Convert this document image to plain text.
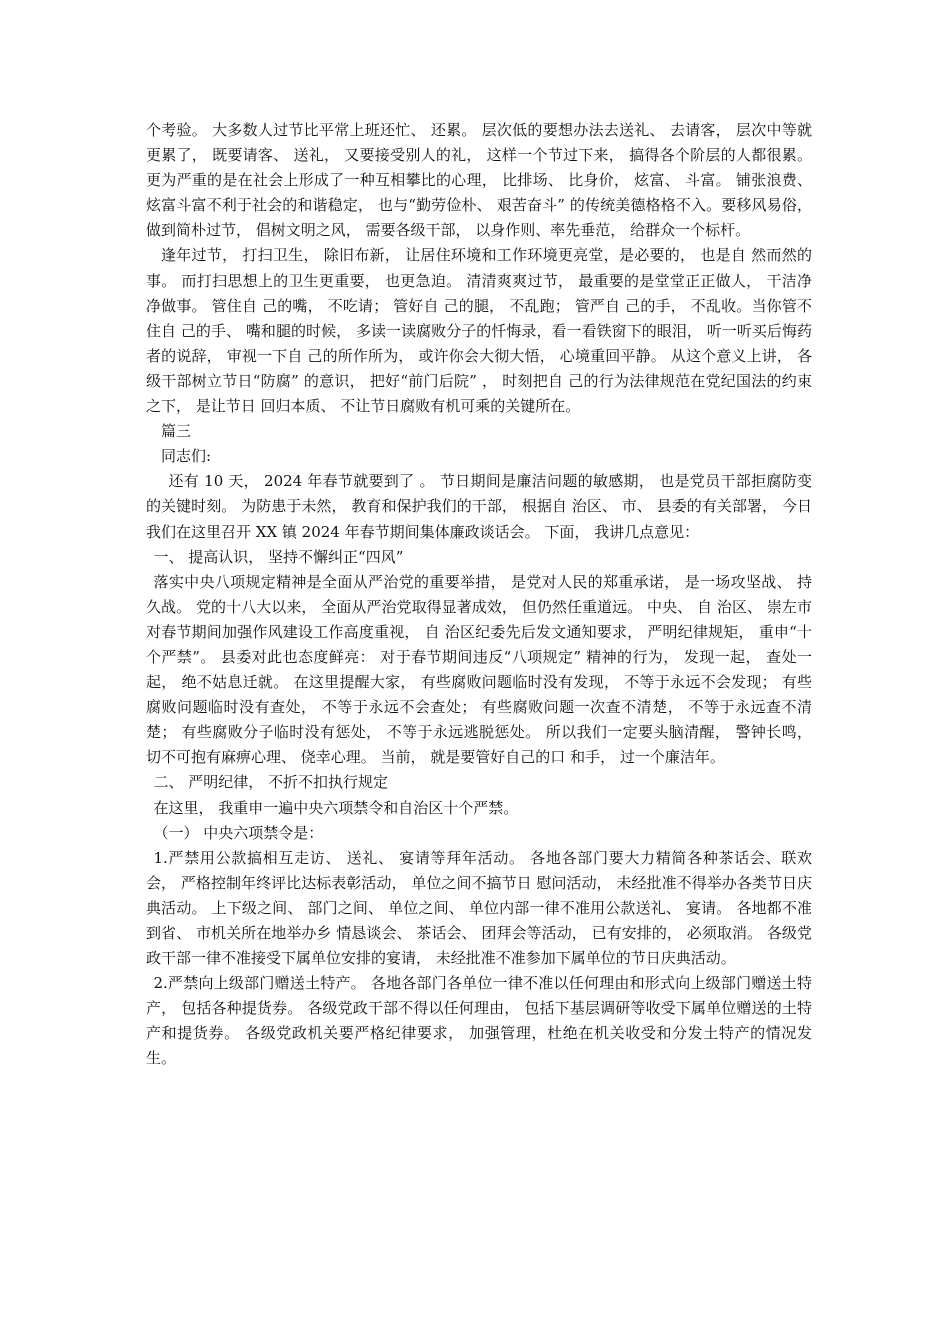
个考验。 大多数人过节比平常上班还忙、 还累。 层次低的要想办法去送礼、 去请客， 层次中等就更累了， 既要请客、 送礼， 又要接受别人的礼， 这样一个节过下来， 搞得各个阶层的人都很累。 更为严重的是在社会上形成了一种互相攀比的心理， 比排场、 比身价， 炫富、 斗富。 铺张浪费、 炫富斗富不利于社会的和谐稳定， 也与“勤劳俭朴、 艰苦奋斗” 的传统美德格格不入。要移风易俗， 做到简朴过节， 倡树文明之风， 需要各级干部， 以身作则、率先垂范， 给群众一个标杆。

逢年过节， 打扫卫生， 除旧布新， 让居住环境和工作环境更亮堂，是必要的， 也是自 然而然的事。 而打扫思想上的卫生更重要， 也更急迫。 清清爽爽过节， 最重要的是堂堂正正做人， 干洁净净做事。 管住自 己的嘴， 不吃请； 管好自 己的腿， 不乱跑； 管严自 己的手， 不乱收。当你管不住自 己的手、 嘴和腿的时候， 多读一读腐败分子的忏悔录，看一看铁窗下的眼泪， 听一听买后悔药者的说辞， 审视一下自 己的所作所为， 或许你会大彻大悟， 心境重回平静。 从这个意义上讲， 各级干部树立节日“防腐” 的意识， 把好“前门后院” ， 时刻把自 己的行为法律规范在党纪国法的约束之下， 是让节日 回归本质、 不让节日腐败有机可乘的关键所在。

篇三

同志们:

还有 10 天， 2024 年春节就要到了 。 节日期间是廉洁问题的敏感期， 也是党员干部拒腐防变的关键时刻。 为防患于未然， 教育和保护我们的干部， 根据自 治区、 市、 县委的有关部署， 今日我们在这里召开 XX 镇 2024 年春节期间集体廉政谈话会。 下面， 我讲几点意见：

一、 提高认识， 坚持不懈纠正“四风”

落实中央八项规定精神是全面从严治党的重要举措， 是党对人民的郑重承诺， 是一场攻坚战、 持久战。 党的十八大以来， 全面从严治党取得显著成效， 但仍然任重道远。 中央、 自 治区、 崇左市对春节期间加强作风建设工作高度重视， 自 治区纪委先后发文通知要求， 严明纪律规矩， 重申“十个严禁”。 县委对此也态度鲜亮： 对于春节期间违反“八项规定” 精神的行为， 发现一起， 查处一起， 绝不姑息迁就。 在这里提醒大家， 有些腐败问题临时没有发现， 不等于永远不会发现； 有些腐败问题临时没有查处， 不等于永远不会查处； 有些腐败问题一次查不清楚， 不等于永远查不清楚； 有些腐败分子临时没有惩处， 不等于永远逃脱惩处。 所以我们一定要头脑清醒， 警钟长鸣， 切不可抱有麻痹心理、 侥幸心理。 当前， 就是要管好自己的口 和手， 过一个廉洁年。

二、 严明纪律， 不折不扣执行规定

在这里， 我重申一遍中央六项禁令和自治区十个严禁。

（一） 中央六项禁令是：

1.严禁用公款搞相互走访、 送礼、 宴请等拜年活动。 各地各部门要大力精简各种茶话会、联欢会， 严格控制年终评比达标表彰活动， 单位之间不搞节日 慰问活动， 未经批准不得举办各类节日庆典活动。 上下级之间、 部门之间、 单位之间、 单位内部一律不准用公款送礼、 宴请。 各地都不准到省、 市机关所在地举办乡 情恳谈会、 茶话会、 团拜会等活动， 已有安排的， 必须取消。 各级党政干部一律不准接受下属单位安排的宴请， 未经批准不准参加下属单位的节日庆典活动。

2.严禁向上级部门赠送土特产。 各地各部门各单位一律不准以任何理由和形式向上级部门赠送土特产， 包括各种提货券。 各级党政干部不得以任何理由， 包括下基层调研等收受下属单位赠送的土特产和提货券。 各级党政机关要严格纪律要求， 加强管理，杜绝在机关收受和分发土特产的情况发生。
